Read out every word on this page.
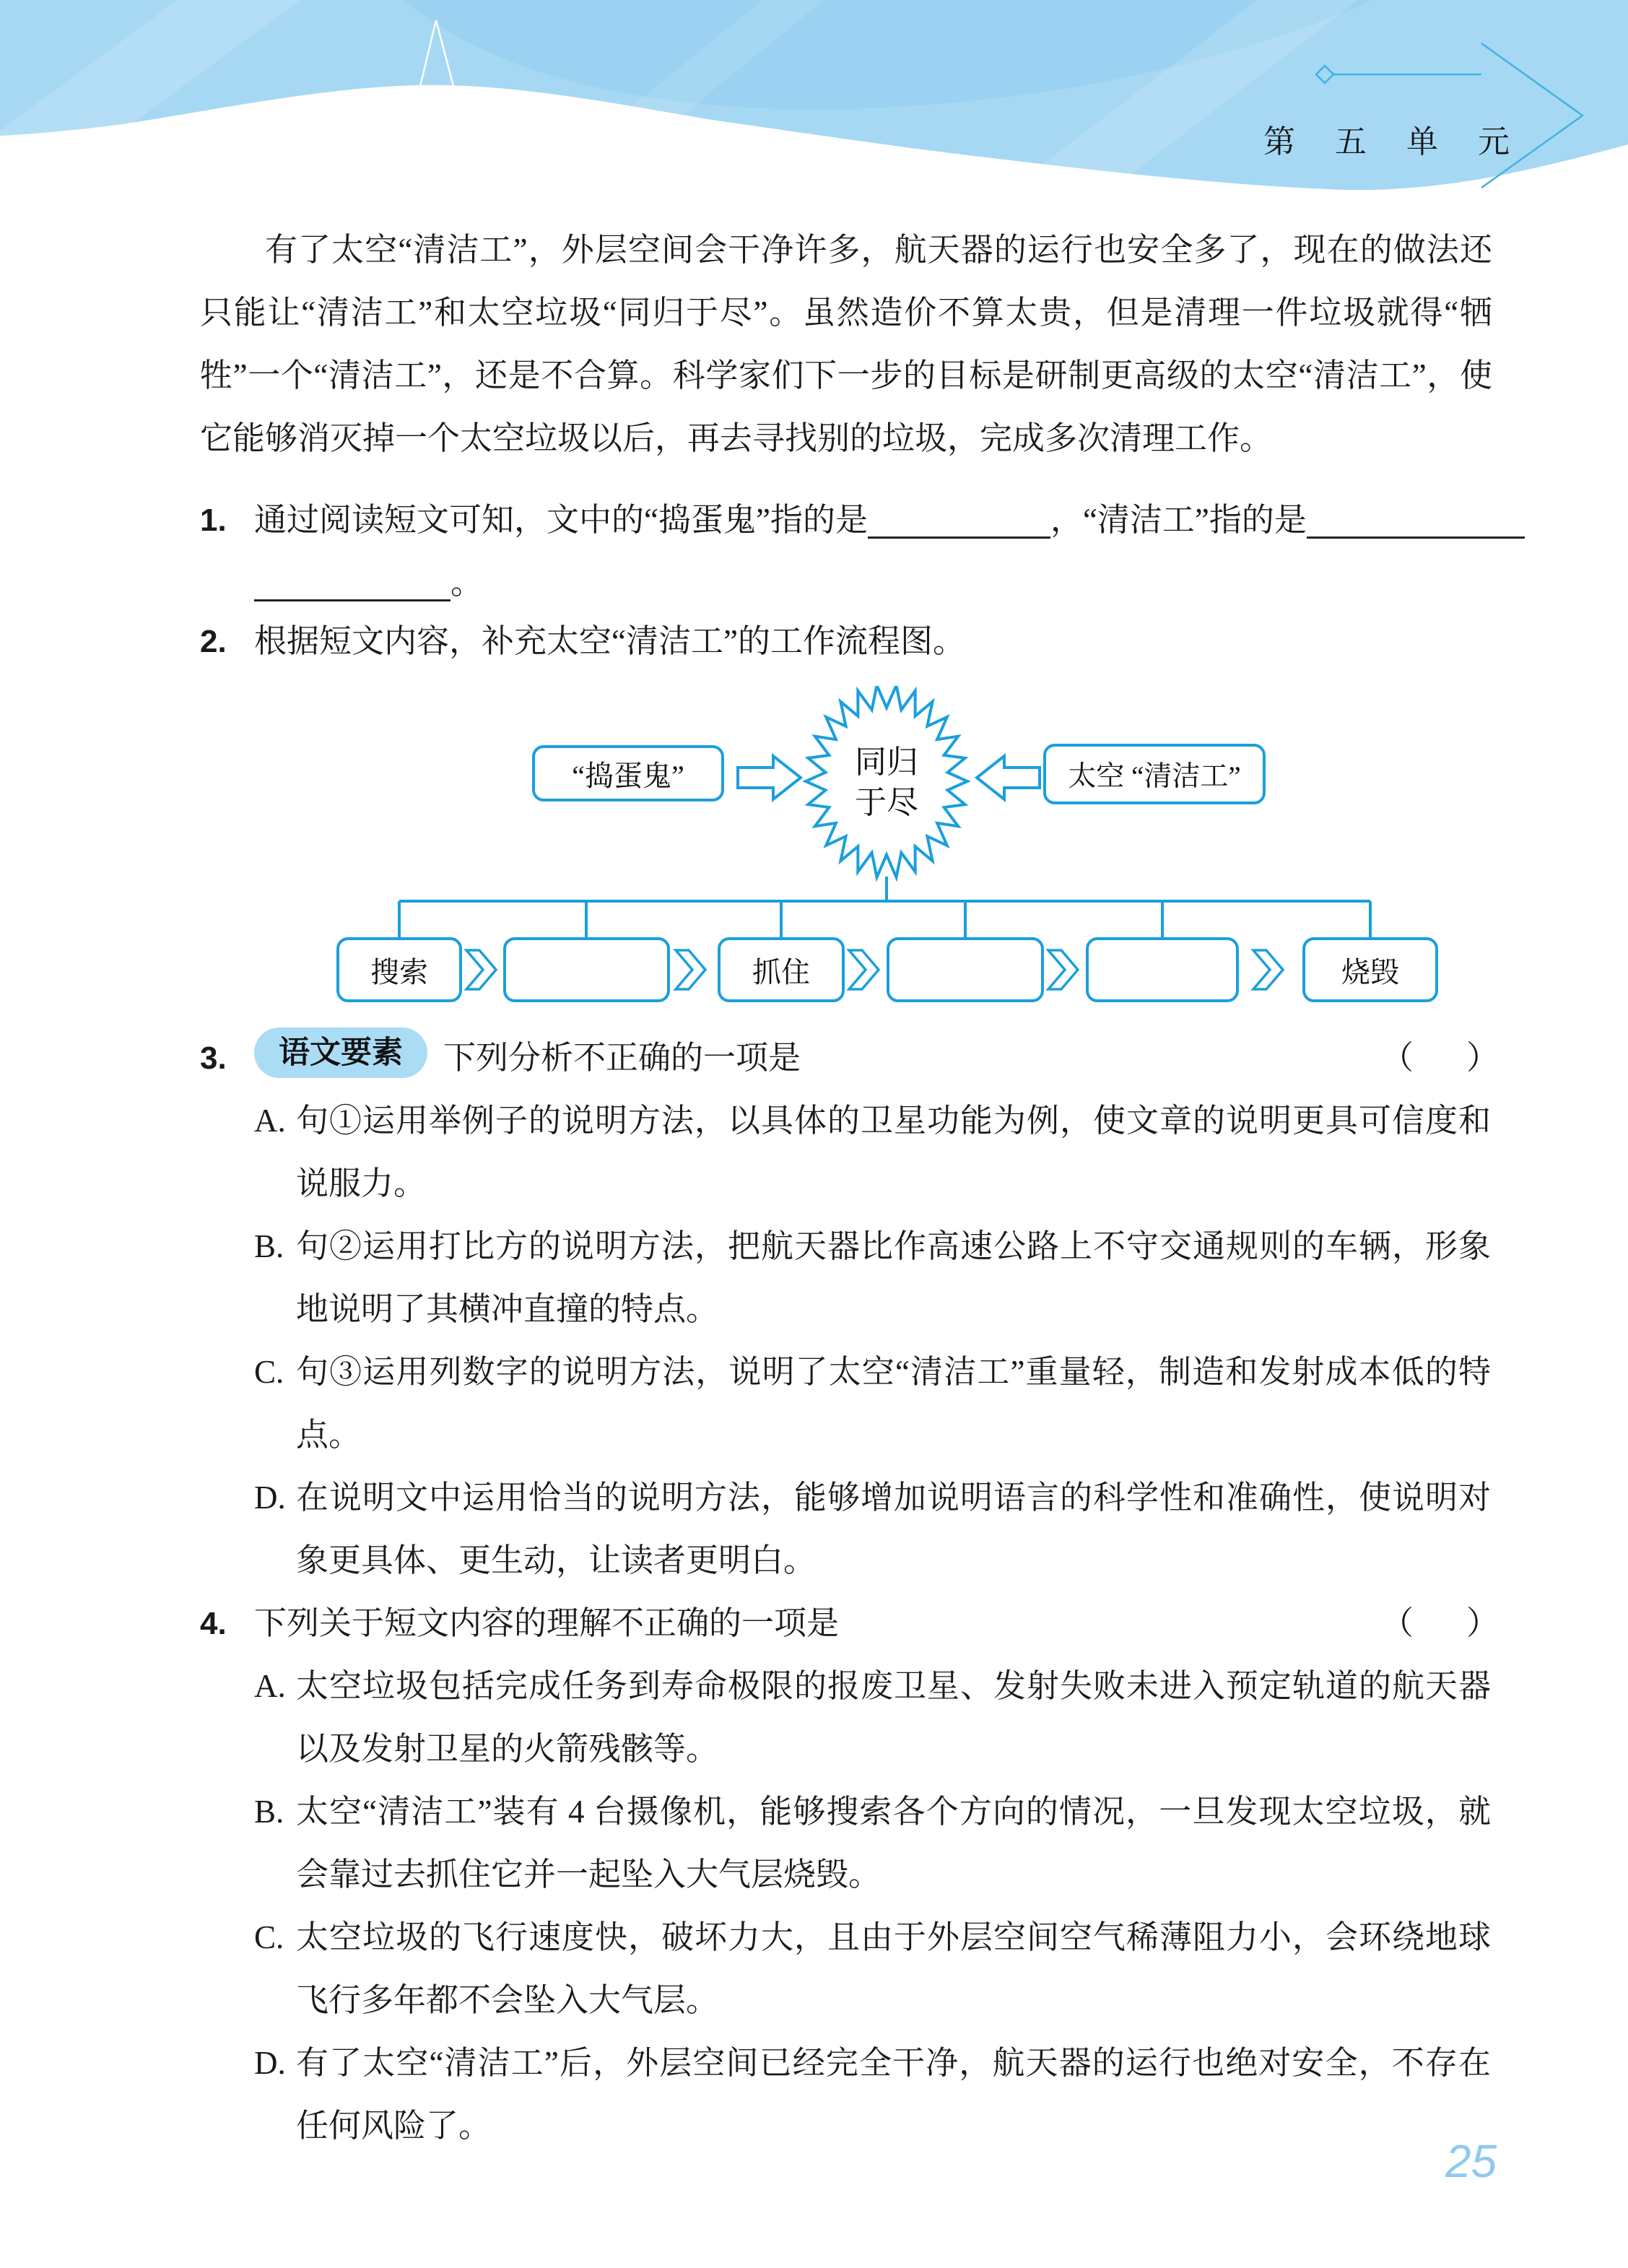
第 五 单 元

有了太空“清洁工”，外层空间会干净许多，航天器的运行也安全多了，现在的做法还只能让“清洁工”和太空垃圾“同归于尽”。虽然造价不算太贵，但是清理一件垃圾就得“牺牲”一个“清洁工”，还是不合算。科学家们下一步的目标是研制更高级的太空“清洁工”，使它能够消灭掉一个太空垃圾以后，再去寻找别的垃圾，完成多次清理工作。

1. 通过阅读短文可知，文中的“捣蛋鬼”指的是	，“清洁工”指的是
。
2. 根据短文内容，补充太空“清洁工”的工作流程图。
同归
于尽
“捣蛋鬼”	太空 “清洁工”
搜索	抓住	烧毁
3.	语文要素 下列分析不正确的一项是	（　）
A. 句①运用举例子的说明方法，以具体的卫星功能为例，使文章的说明更具可信度和说服力。
B. 句②运用打比方的说明方法，把航天器比作高速公路上不守交通规则的车辆，形象地说明了其横冲直撞的特点。
C. 句③运用列数字的说明方法，说明了太空“清洁工”重量轻，制造和发射成本低的特点。
D. 在说明文中运用恰当的说明方法，能够增加说明语言的科学性和准确性，使说明对象更具体、更生动，让读者更明白。
4. 下列关于短文内容的理解不正确的一项是	（　）
A. 太空垃圾包括完成任务到寿命极限的报废卫星、发射失败未进入预定轨道的航天器以及发射卫星的火箭残骸等。
B. 太空“清洁工”装有 4 台摄像机，能够搜索各个方向的情况，一旦发现太空垃圾，就会靠过去抓住它并一起坠入大气层烧毁。
C. 太空垃圾的飞行速度快，破坏力大，且由于外层空间空气稀薄阻力小，会环绕地球飞行多年都不会坠入大气层。
D. 有了太空“清洁工”后，外层空间已经完全干净，航天器的运行也绝对安全，不存在任何风险了。
25
